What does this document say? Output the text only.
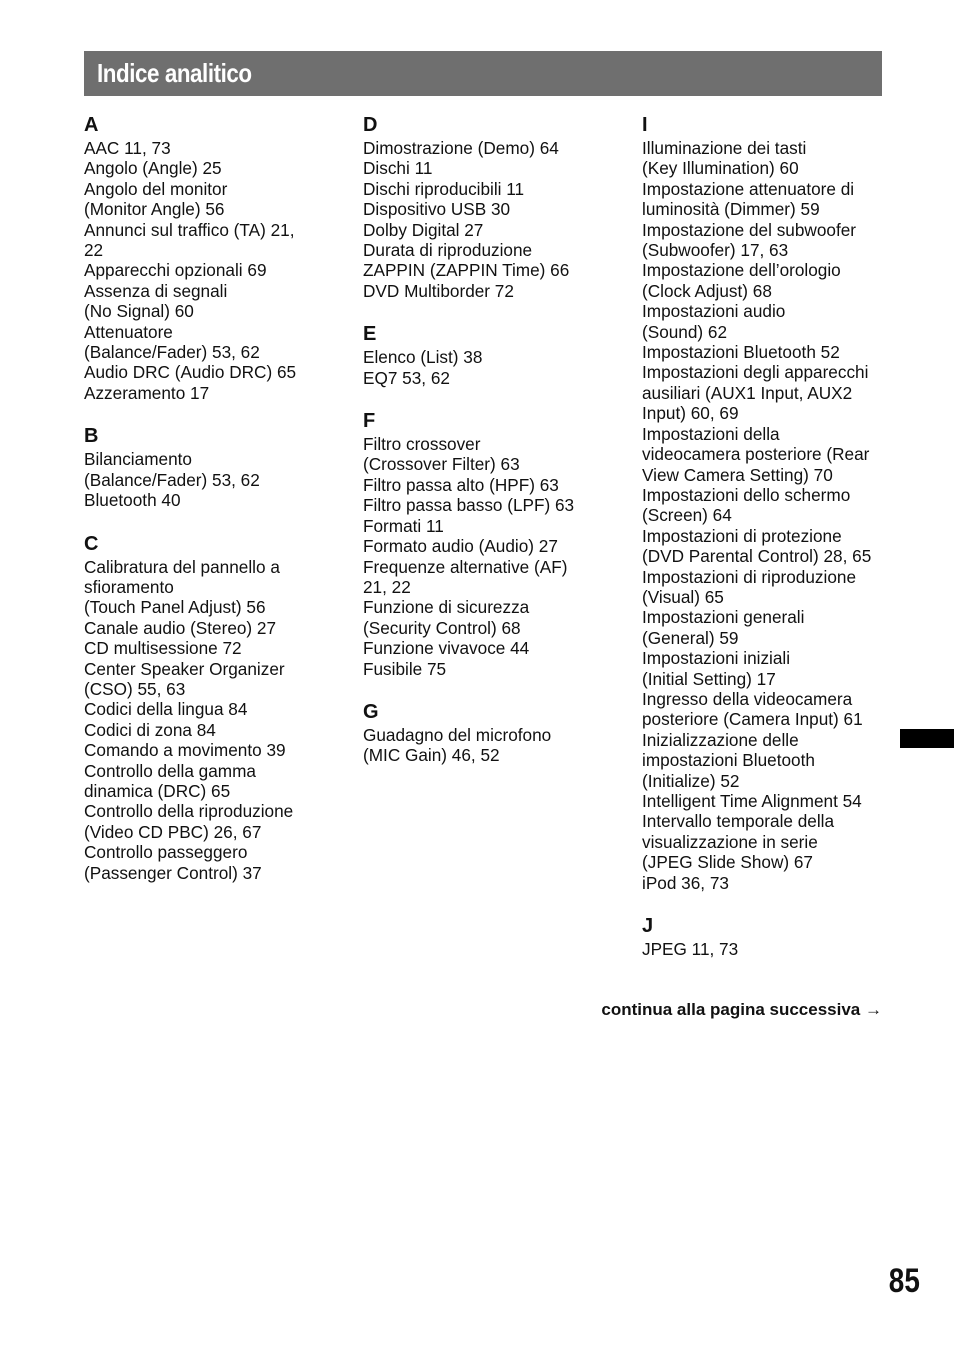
Indice analitico
A
AAC 11, 73
Angolo (Angle) 25
Angolo del monitor
(Monitor Angle) 56
Annunci sul traffico (TA) 21,
22
Apparecchi opzionali 69
Assenza di segnali
(No Signal) 60
Attenuatore
(Balance/Fader) 53, 62
Audio DRC (Audio DRC) 65
Azzeramento 17
B
Bilanciamento
(Balance/Fader) 53, 62
Bluetooth 40
C
Calibratura del pannello a
sfioramento
(Touch Panel Adjust) 56
Canale audio (Stereo) 27
CD multisessione 72
Center Speaker Organizer
(CSO) 55, 63
Codici della lingua 84
Codici di zona 84
Comando a movimento 39
Controllo della gamma
dinamica (DRC) 65
Controllo della riproduzione
(Video CD PBC) 26, 67
Controllo passeggero
(Passenger Control) 37
D
Dimostrazione (Demo) 64
Dischi 11
Dischi riproducibili 11
Dispositivo USB 30
Dolby Digital 27
Durata di riproduzione
ZAPPIN (ZAPPIN Time) 66
DVD Multiborder 72
E
Elenco (List) 38
EQ7 53, 62
F
Filtro crossover
(Crossover Filter) 63
Filtro passa alto (HPF) 63
Filtro passa basso (LPF) 63
Formati 11
Formato audio (Audio) 27
Frequenze alternative (AF)
21, 22
Funzione di sicurezza
(Security Control) 68
Funzione vivavoce 44
Fusibile 75
G
Guadagno del microfono
(MIC Gain) 46, 52
I
Illuminazione dei tasti
(Key Illumination) 60
Impostazione attenuatore di
luminosità (Dimmer) 59
Impostazione del subwoofer
(Subwoofer) 17, 63
Impostazione dell’orologio
(Clock Adjust) 68
Impostazioni audio
(Sound) 62
Impostazioni Bluetooth 52
Impostazioni degli apparecchi
ausiliari (AUX1 Input, AUX2
Input) 60, 69
Impostazioni della
videocamera posteriore (Rear
View Camera Setting) 70
Impostazioni dello schermo
(Screen) 64
Impostazioni di protezione
(DVD Parental Control) 28, 65
Impostazioni di riproduzione
(Visual) 65
Impostazioni generali
(General) 59
Impostazioni iniziali
(Initial Setting) 17
Ingresso della videocamera
posteriore (Camera Input) 61
Inizializzazione delle
impostazioni Bluetooth
(Initialize) 52
Intelligent Time Alignment 54
Intervallo temporale della
visualizzazione in serie
(JPEG Slide Show) 67
iPod 36, 73
J
JPEG 11, 73
continua alla pagina successiva →
85
